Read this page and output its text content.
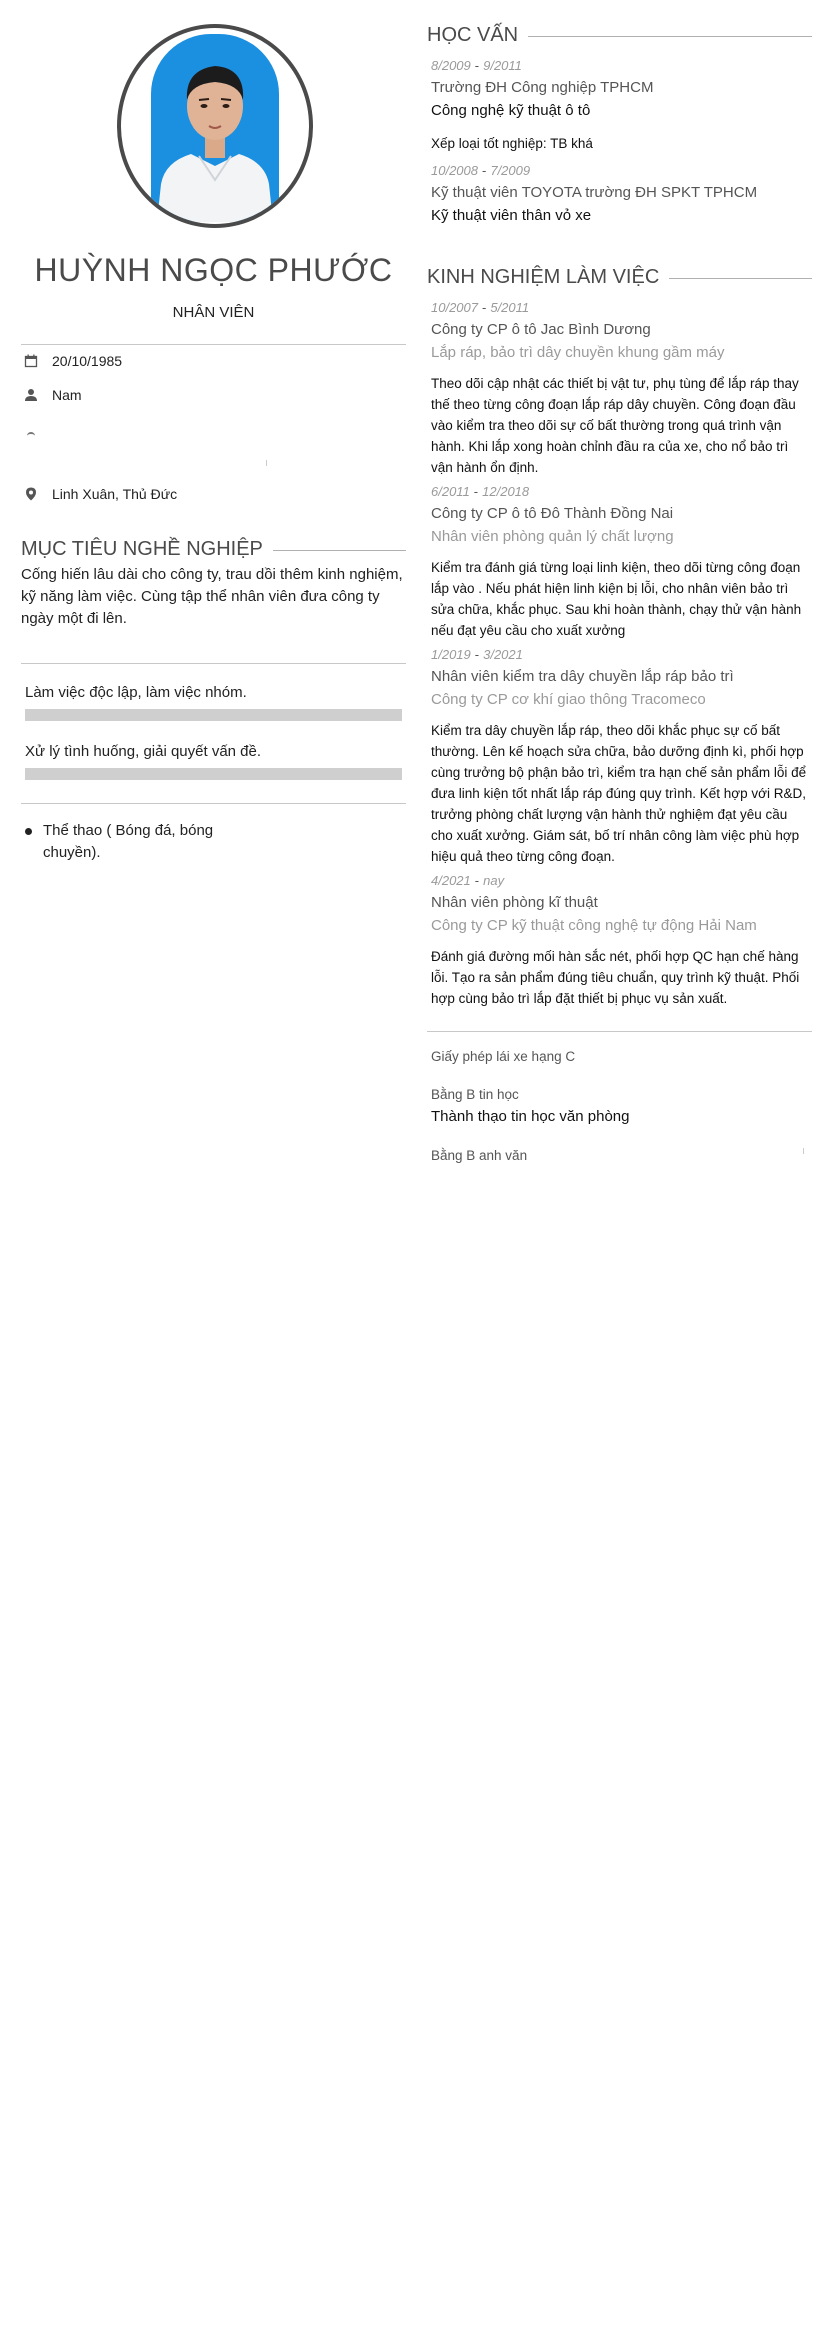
HUỲNH NGỌC PHƯỚC
NHÂN VIÊN
20/10/1985
Nam
Linh Xuân, Thủ Đức
MỤC TIÊU NGHỀ NGHIỆP
Cống hiến lâu dài cho công ty, trau dồi thêm kinh nghiệm, kỹ năng làm việc. Cùng tập thể nhân viên đưa công ty ngày một đi lên.
Làm việc độc lập, làm việc nhóm.
Xử lý tình huống, giải quyết vấn đề.
Thể thao ( Bóng đá, bóng chuyền).
HỌC VẤN
8/2009 - 9/2011
Trường ĐH Công nghiệp TPHCM
Công nghệ kỹ thuật ô tô
Xếp loại tốt nghiệp: TB khá
10/2008 - 7/2009
Kỹ thuật viên TOYOTA trường ĐH SPKT TPHCM
Kỹ thuật viên thân vỏ xe
KINH NGHIỆM LÀM VIỆC
10/2007 - 5/2011
Công ty CP ô tô Jac Bình Dương
Lắp ráp, bảo trì dây chuyền khung gầm máy
Theo dõi cập nhật các thiết bị vật tư, phụ tùng để lắp ráp thay thế theo từng công đoạn lắp ráp dây chuyền. Công đoạn đầu vào kiểm tra theo dõi sự cố bất thường trong quá trình vận hành. Khi lắp xong hoàn chỉnh đầu ra của xe, cho nổ bảo trì vận hành ổn định.
6/2011 - 12/2018
Công ty CP ô tô Đô Thành Đồng Nai
Nhân viên phòng quản lý chất lượng
Kiểm tra đánh giá từng loại linh kiện, theo dõi từng công đoạn lắp vào . Nếu phát hiện linh kiện bị lỗi, cho nhân viên bảo trì sửa chữa, khắc phục. Sau khi hoàn thành, chạy thử vận hành nếu đạt yêu cầu cho xuất xưởng
1/2019 - 3/2021
Nhân viên kiểm tra dây chuyền lắp ráp bảo trì
Công ty CP cơ khí giao thông Tracomeco
Kiểm tra dây chuyền lắp ráp, theo dõi khắc phục sự cố bất thường. Lên kế hoạch sửa chữa, bảo dưỡng định kì, phối hợp cùng trưởng bộ phận bảo trì, kiểm tra hạn chế sản phẩm lỗi để đưa linh kiện tốt nhất lắp ráp đúng quy trình. Kết hợp với R&D, trưởng phòng chất lượng vận hành thử nghiệm đạt yêu cầu cho xuất xưởng. Giám sát, bố trí nhân công làm việc phù hợp hiệu quả theo từng công đoạn.
4/2021 - nay
Nhân viên phòng kĩ thuật
Công ty CP kỹ thuật công nghệ tự động Hải Nam
Đánh giá đường mối hàn sắc nét, phối hợp QC hạn chế hàng lỗi. Tạo ra sản phẩm đúng tiêu chuẩn, quy trình kỹ thuật. Phối hợp cùng bảo trì lắp đặt thiết bị phục vụ sản xuất.
Giấy phép lái xe hạng C
Bằng B tin học
Thành thạo tin học văn phòng
Bằng B anh văn
